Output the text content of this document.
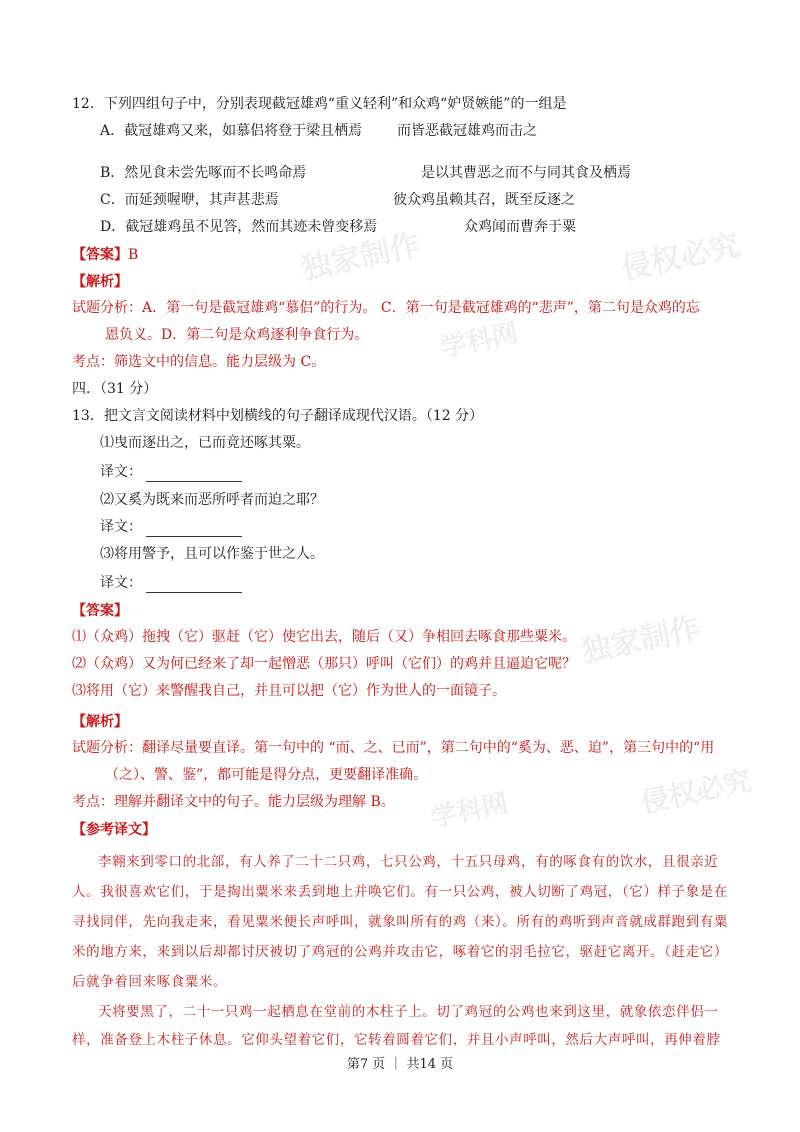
独家制作	侵权必究
学科网
独家制作
侵权必究
学科网
12．下列四组句子中，分别表现截冠雄鸡“重义轻利”和众鸡“妒贤嫉能”的一组是
A．截冠雄鸡又来，如慕侣将登于梁且栖焉 而皆恶截冠雄鸡而击之
B．然见食未尝先啄而不长鸣命焉	是以其曹恶之而不与同其食及栖焉
C．而延颈喔咿，其声甚悲焉	彼众鸡虽赖其召，既至反逐之
D．截冠雄鸡虽不见答，然而其迹未曾变移焉	众鸡闻而曹奔于粟
【答案】B
【解析】
试题分析：A．第一句是截冠雄鸡“慕侣”的行为。 C．第一句是截冠雄鸡的“悲声”，第二句是众鸡的忘
恩负义。D．第二句是众鸡逐利争食行为。
考点：筛选文中的信息。能力层级为 C。
四．（31 分）
13．把文言文阅读材料中划横线的句子翻译成现代汉语。（12 分）
⑴曳而逐出之，已而竟还啄其粟。
译文：
⑵又奚为既来而恶所呼者而迫之耶？
译文：
⑶将用警予，且可以作鉴于世之人。
译文：
【答案】
⑴（众鸡）拖拽（它）驱赶（它）使它出去，随后（又）争相回去啄食那些粟米。
⑵（众鸡）又为何已经来了却一起憎恶（那只）呼叫（它们）的鸡并且逼迫它呢？
⑶将用（它）来警醒我自己，并且可以把（它）作为世人的一面镜子。
【解析】
试题分析：翻译尽量要直译。第一句中的 “而、之、已而”，第二句中的“奚为、恶、迫”，第三句中的“用
（之）、警、鉴”，都可能是得分点，更要翻译准确。
考点：理解并翻译文中的句子。能力层级为理解 B。
【参考译文】
李翱来到零口的北部，有人养了二十二只鸡，七只公鸡，十五只母鸡，有的啄食有的饮水，且很亲近
人。我很喜欢它们，于是掏出粟米来丢到地上并唤它们。有一只公鸡，被人切断了鸡冠，（它）样子象是在
寻找同伴，先向我走来，看见粟米便长声呼叫，就象叫所有的鸡（来）。所有的鸡听到声音就成群跑到有粟
米的地方来，来到以后却都讨厌被切了鸡冠的公鸡并攻击它，啄着它的羽毛拉它，驱赶它离开。（赶走它）
后就争着回来啄食粟米。
天将要黑了，二十一只鸡一起栖息在堂前的木柱子上。切了鸡冠的公鸡也来到这里，就象依恋伴侣一
样，准备登上木柱子休息。它仰头望着它们，它转着圆着它们，并且小声呼叫，然后大声呼叫，再伸着脖
第7 页 ｜ 共14 页
